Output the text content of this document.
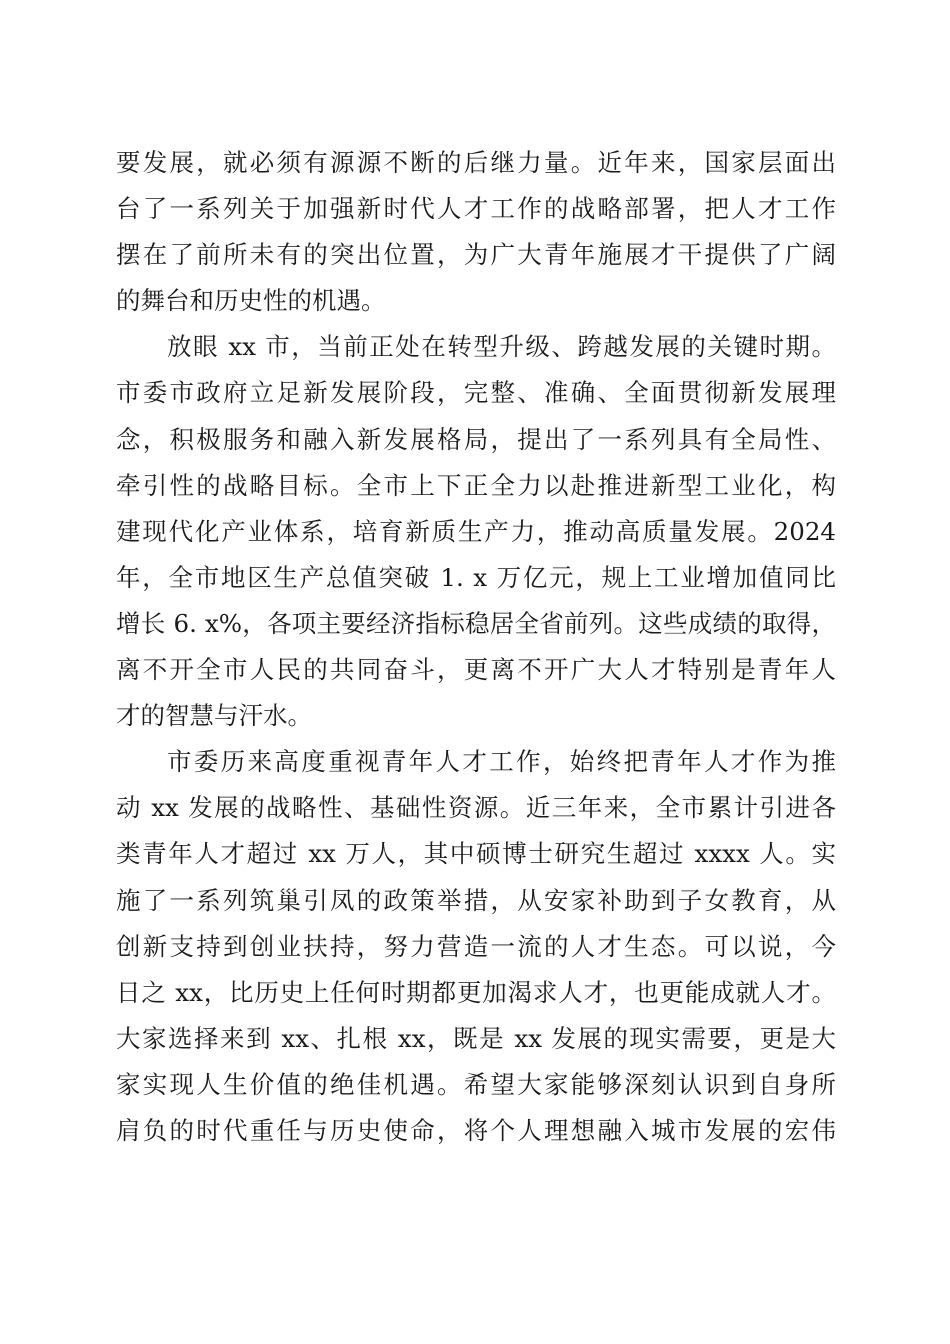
要发展，就必须有源源不断的后继力量。近年来，国家层面出
台了一系列关于加强新时代人才工作的战略部署，把人才工作
摆在了前所未有的突出位置，为广大青年施展才干提供了广阔
的舞台和历史性的机遇。
放眼 xx 市，当前正处在转型升级、跨越发展的关键时期。
市委市政府立足新发展阶段，完整、准确、全面贯彻新发展理
念，积极服务和融入新发展格局，提出了一系列具有全局性、
牵引性的战略目标。全市上下正全力以赴推进新型工业化，构
建现代化产业体系，培育新质生产力，推动高质量发展。2024
年，全市地区生产总值突破 1. x 万亿元，规上工业增加值同比
增长 6. x%，各项主要经济指标稳居全省前列。这些成绩的取得，
离不开全市人民的共同奋斗，更离不开广大人才特别是青年人
才的智慧与汗水。
市委历来高度重视青年人才工作，始终把青年人才作为推
动 xx 发展的战略性、基础性资源。近三年来，全市累计引进各
类青年人才超过 xx 万人，其中硕博士研究生超过 xxxx 人。实
施了一系列筑巢引凤的政策举措，从安家补助到子女教育，从
创新支持到创业扶持，努力营造一流的人才生态。可以说，今
日之 xx，比历史上任何时期都更加渴求人才，也更能成就人才。
大家选择来到 xx、扎根 xx，既是 xx 发展的现实需要，更是大
家实现人生价值的绝佳机遇。希望大家能够深刻认识到自身所
肩负的时代重任与历史使命，将个人理想融入城市发展的宏伟
